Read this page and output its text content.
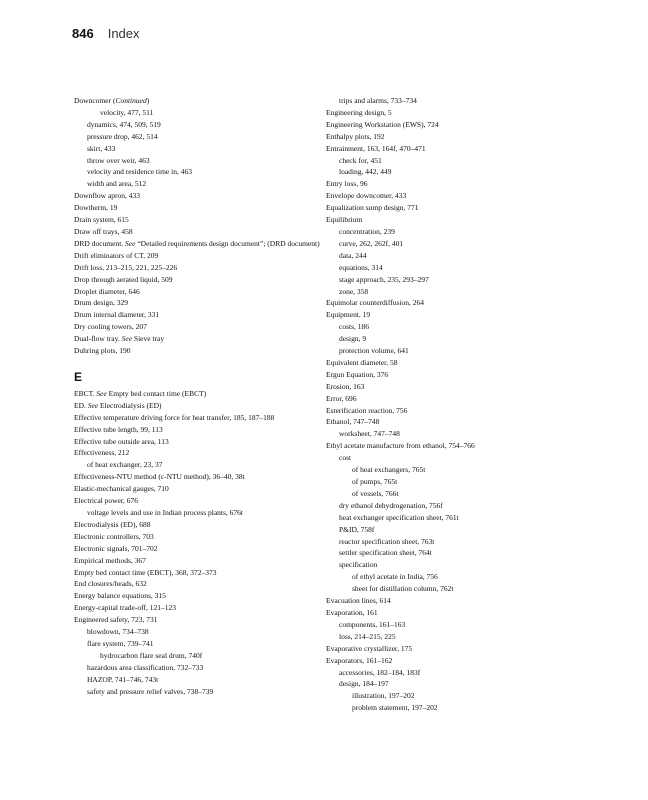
846 Index
Downcomer (Continued)
velocity, 477, 511
dynamics, 474, 509, 519
pressure drop, 462, 514
skirt, 433
throw over weir, 463
velocity and residence time in, 463
width and area, 512
Downflow apron, 433
Dowtherm, 19
Drain system, 615
Draw off trays, 458
DRD document. See “Detailed requirements design document”; (DRD document)
Drift eliminators of CT, 209
Drift loss, 213–215, 221, 225–226
Drop through aerated liquid, 509
Droplet diameter, 646
Drum design, 329
Drum internal diameter, 331
Dry cooling towers, 207
Dual-flow tray. See Sieve tray
Duhring plots, 190
E
EBCT. See Empty bed contact time (EBCT)
ED. See Electrodialysis (ED)
Effective temperature driving force for heat transfer, 185, 187–188
Effective tube length, 99, 113
Effective tube outside area, 113
Effectiveness, 212
of heat exchanger, 23, 37
Effectiveness-NTU method (ε-NTU method), 36–40, 38t
Elastic-mechanical gauges, 710
Electrical power, 676
voltage levels and use in Indian process plants, 676t
Electrodialysis (ED), 688
Electronic controllers, 703
Electronic signals, 701–702
Empirical methods, 367
Empty bed contact time (EBCT), 368, 372–373
End closures/heads, 632
Energy balance equations, 315
Energy-capital trade-off, 121–123
Engineered safety, 723, 731
blowdown, 734–738
flare system, 739–741
hydrocarbon flare seal drum, 740f
hazardous area classification, 732–733
HAZOP, 741–746, 743t
safety and pressure relief valves, 738–739
trips and alarms, 733–734
Engineering design, 5
Engineering Workstation (EWS), 724
Enthalpy plots, 192
Entrainment, 163, 164f, 470–471
check for, 451
loading, 442, 449
Entry loss, 96
Envelope downcomer, 433
Equalization sump design, 771
Equilibrium
concentration, 239
curve, 262, 262f, 401
data, 244
equations, 314
stage approach, 235, 293–297
zone, 358
Equimolar counterdiffusion, 264
Equipment, 19
costs, 186
design, 9
protection volume, 641
Equivalent diameter, 58
Ergun Equation, 376
Erosion, 163
Error, 696
Esterification reaction, 756
Ethanol, 747–748
worksheet, 747–748
Ethyl acetate manufacture from ethanol, 754–766
cost
of heat exchangers, 765t
of pumps, 765t
of vessels, 766t
dry ethanol dehydrogenation, 756f
heat exchanger specification sheet, 761t
P&ID, 758f
reactor specification sheet, 763t
settler specification sheet, 764t
specification
of ethyl acetate in India, 756
sheet for distillation column, 762t
Evacuation lines, 614
Evaporation, 161
components, 161–163
loss, 214–215, 225
Evaporative crystallizer, 175
Evaporators, 161–162
accessories, 182–184, 183f
design, 184–197
illustration, 197–202
problem statement, 197–202
